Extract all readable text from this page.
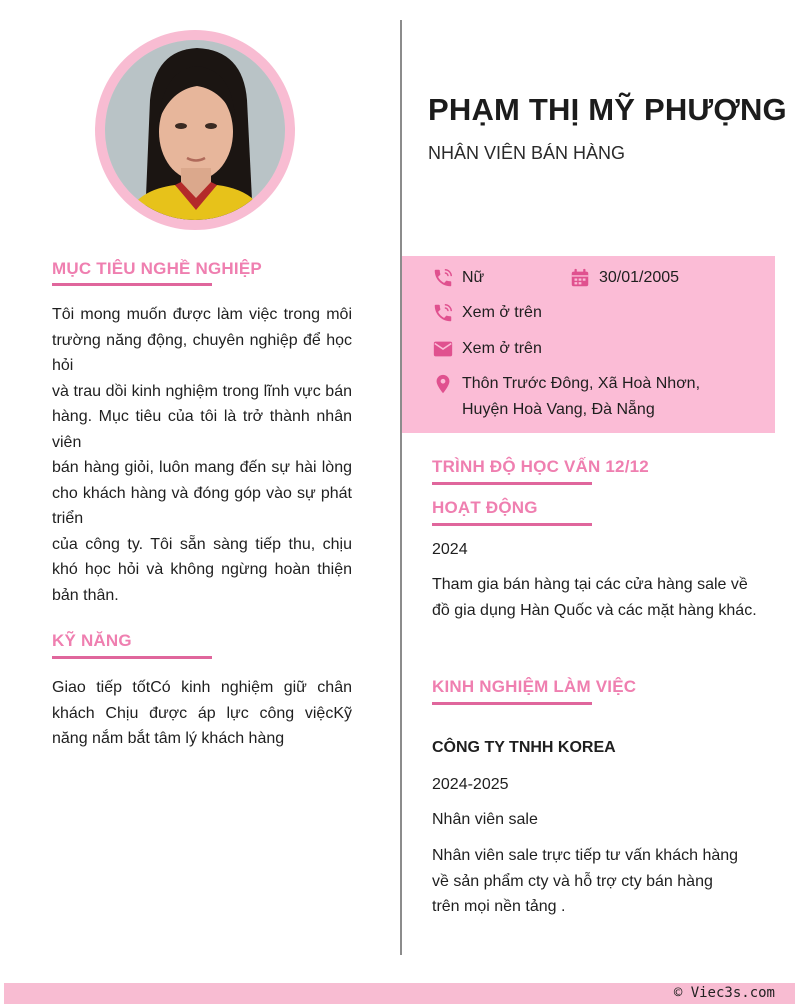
MỤC TIÊU NGHỀ NGHIỆP

Tôi mong muốn được làm việc trong môi trường năng động, chuyên nghiệp để học hỏi

và trau dồi kinh nghiệm trong lĩnh vực bán hàng. Mục tiêu của tôi là trở thành nhân viên

bán hàng giỏi, luôn mang đến sự hài lòng cho khách hàng và đóng góp vào sự phát triển

của công ty. Tôi sẵn sàng tiếp thu, chịu khó học hỏi và không ngừng hoàn thiện bản thân.

KỸ NĂNG
Giao tiếp tốtCó kinh nghiệm giữ chân khách Chịu được áp lực công việcKỹ năng nắm bắt tâm lý khách hàng
PHẠM THỊ MỸ PHƯỢNG
NHÂN VIÊN BÁN HÀNG
Nữ	30/01/2005
Xem ở trên
Xem ở trên
Thôn Trước Đông, Xã Hoà Nhơn,
Huyện Hoà Vang, Đà Nẵng
TRÌNH ĐỘ HỌC VẤN 12/12
HOẠT ĐỘNG
2024
Tham gia bán hàng tại các cửa hàng sale về đồ gia dụng Hàn Quốc và các mặt hàng khác.
KINH NGHIỆM LÀM VIỆC
CÔNG TY TNHH KOREA
2024-2025
Nhân viên sale
Nhân viên sale trực tiếp tư vấn khách hàng về sản phẩm cty và hỗ trợ cty bán hàng trên mọi nền tảng .
© Viec3s.com
